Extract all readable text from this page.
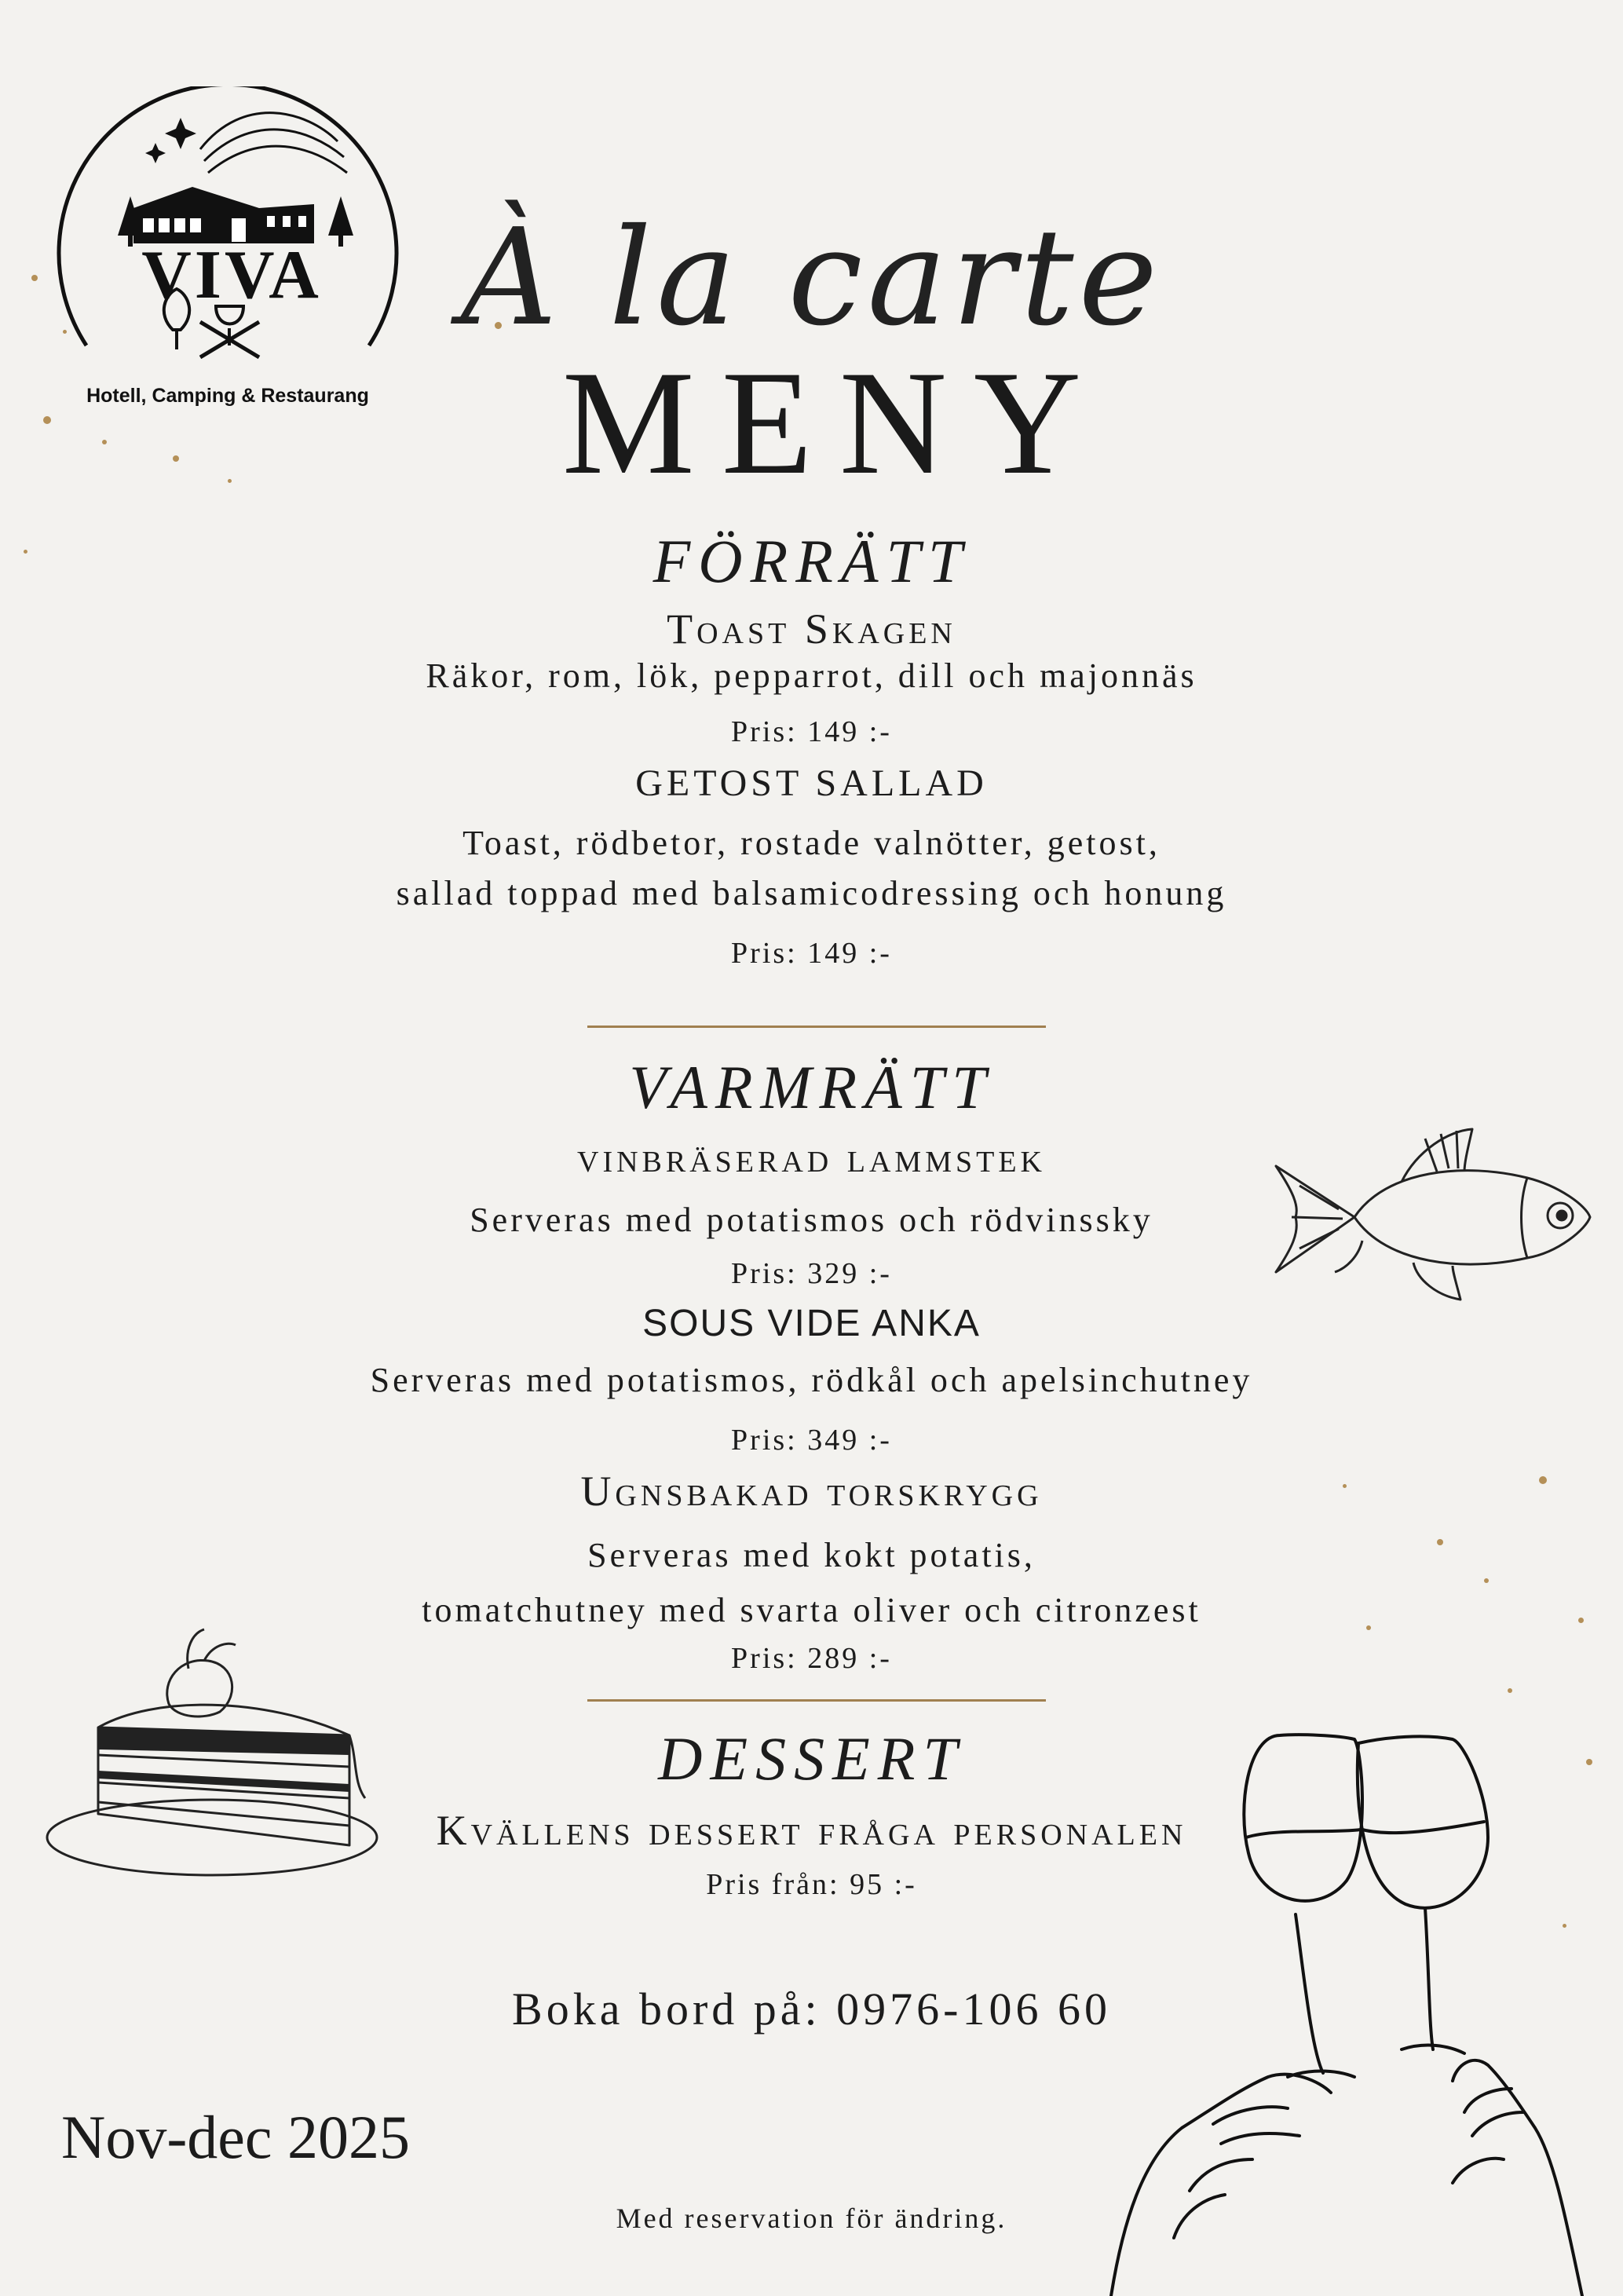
VIVA
Hotell, Camping & Restaurang
À la carte
MENY
FÖRRÄTT
Toast Skagen
Räkor, rom, lök, pepparrot, dill och majonnäs
Pris: 149 :-
GETOST SALLAD
Toast, rödbetor, rostade valnötter, getost,
sallad toppad med balsamicodressing och honung
Pris: 149 :-
VARMRÄTT
vinbräserad lammstek
Serveras med potatismos och rödvinssky
Pris: 329 :-
SOUS VIDE ANKA
Serveras med potatismos, rödkål och apelsinchutney
Pris: 349 :-
Ugnsbakad torskrygg
Serveras med kokt potatis,
tomatchutney med svarta oliver och citronzest
Pris: 289 :-
DESSERT
Kvällens dessert fråga personalen
Pris från: 95 :-
Boka bord på: 0976-106 60
Nov-dec 2025
Med reservation för ändring.
